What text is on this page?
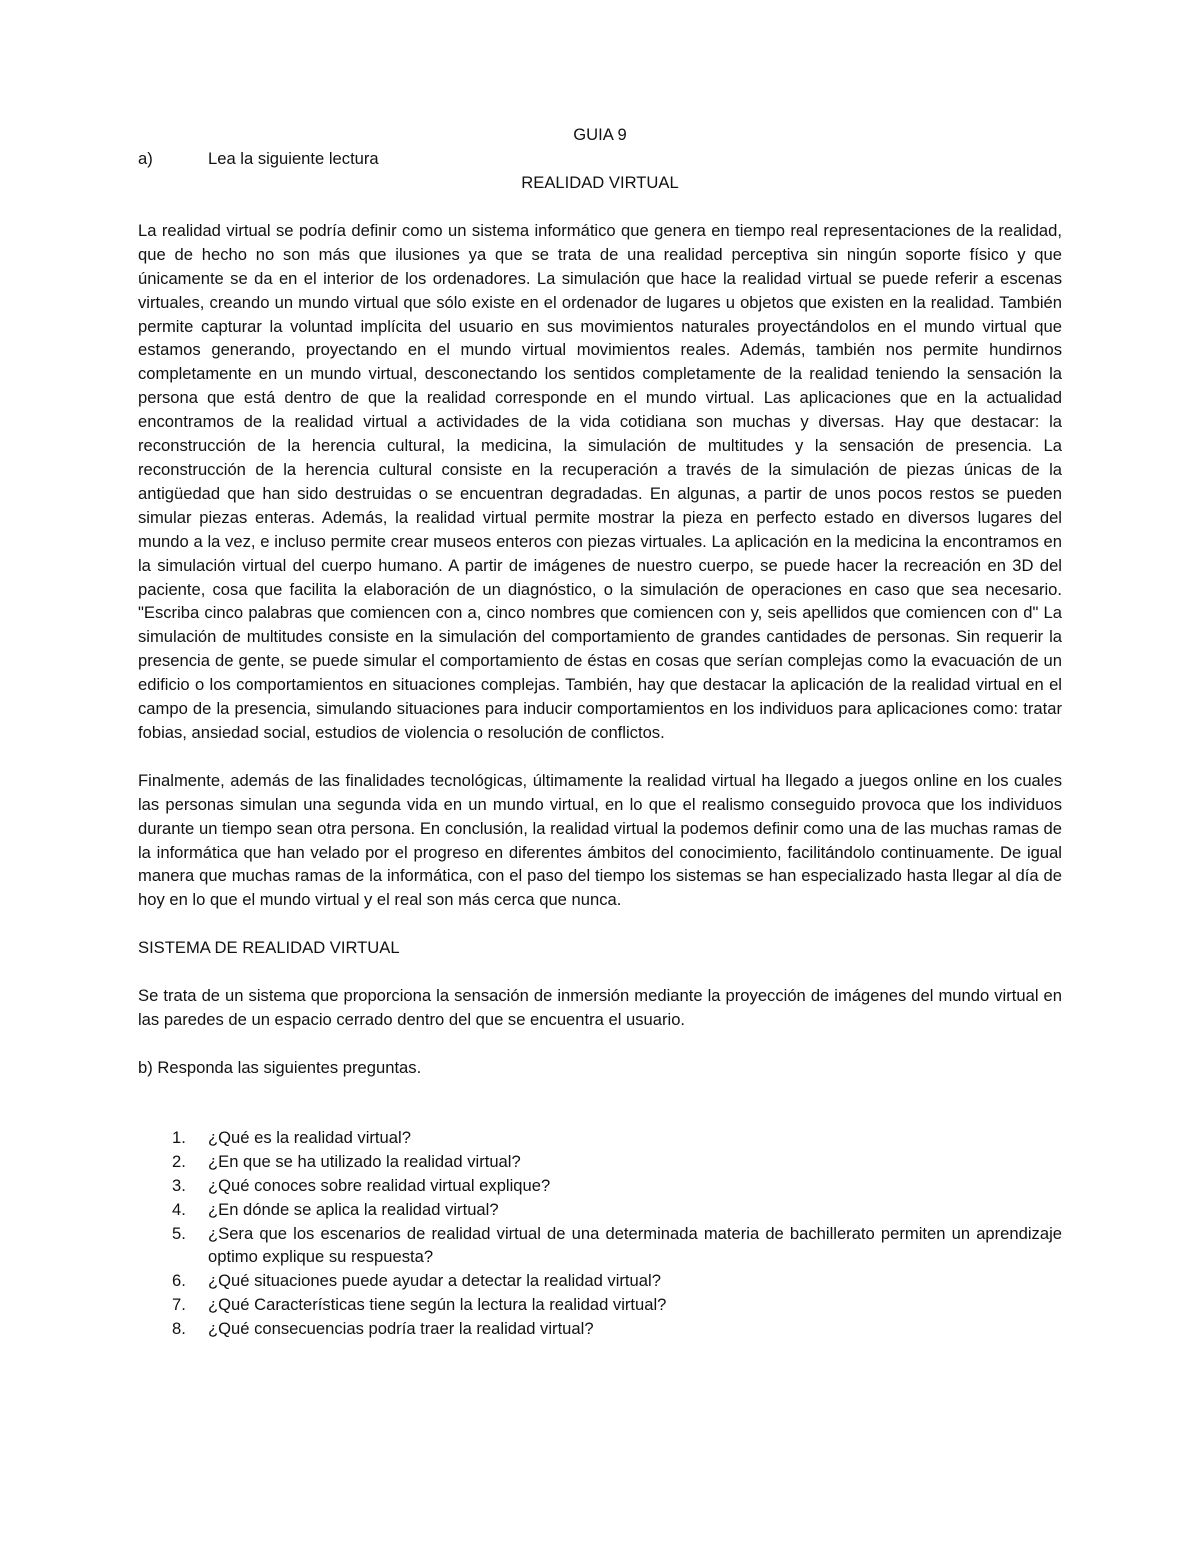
GUIA 9

a)	Lea la siguiente lectura

REALIDAD VIRTUAL

La realidad virtual se podría definir como un sistema informático que genera en tiempo real representaciones de la realidad, que de hecho no son más que ilusiones ya que se trata de una realidad perceptiva sin ningún soporte físico y que únicamente se da en el interior de los ordenadores. La simulación que hace la realidad virtual se puede referir a escenas virtuales, creando un mundo virtual que sólo existe en el ordenador de lugares u objetos que existen en la realidad. También permite capturar la voluntad implícita del usuario en sus movimientos naturales proyectándolos en el mundo virtual que estamos generando, proyectando en el mundo virtual movimientos reales. Además, también nos permite hundirnos completamente en un mundo virtual, desconectando los sentidos completamente de la realidad teniendo la sensación la persona que está dentro de que la realidad corresponde en el mundo virtual. Las aplicaciones que en la actualidad encontramos de la realidad virtual a actividades de la vida cotidiana son muchas y diversas. Hay que destacar: la reconstrucción de la herencia cultural, la medicina, la simulación de multitudes y la sensación de presencia. La reconstrucción de la herencia cultural consiste en la recuperación a través de la simulación de piezas únicas de la antigüedad que han sido destruidas o se encuentran degradadas. En algunas, a partir de unos pocos restos se pueden simular piezas enteras. Además, la realidad virtual permite mostrar la pieza en perfecto estado en diversos lugares del mundo a la vez, e incluso permite crear museos enteros con piezas virtuales. La aplicación en la medicina la encontramos en la simulación virtual del cuerpo humano. A partir de imágenes de nuestro cuerpo, se puede hacer la recreación en 3D del paciente, cosa que facilita la elaboración de un diagnóstico, o la simulación de operaciones en caso que sea necesario. "Escriba cinco palabras que comiencen con a, cinco nombres que comiencen con y, seis apellidos que comiencen con d" La simulación de multitudes consiste en la simulación del comportamiento de grandes cantidades de personas. Sin requerir la presencia de gente, se puede simular el comportamiento de éstas en cosas que serían complejas como la evacuación de un edificio o los comportamientos en situaciones complejas. También, hay que destacar la aplicación de la realidad virtual en el campo de la presencia, simulando situaciones para inducir comportamientos en los individuos para aplicaciones como: tratar fobias, ansiedad social, estudios de violencia o resolución de conflictos.

Finalmente, además de las finalidades tecnológicas, últimamente la realidad virtual ha llegado a juegos online en los cuales las personas simulan una segunda vida en un mundo virtual, en lo que el realismo conseguido provoca que los individuos durante un tiempo sean otra persona. En conclusión, la realidad virtual la podemos definir como una de las muchas ramas de la informática que han velado por el progreso en diferentes ámbitos del conocimiento, facilitándolo continuamente. De igual manera que muchas ramas de la informática, con el paso del tiempo los sistemas se han especializado hasta llegar al día de hoy en lo que el mundo virtual y el real son más cerca que nunca.

SISTEMA DE REALIDAD VIRTUAL

Se trata de un sistema que proporciona la sensación de inmersión mediante la proyección de imágenes del mundo virtual en las paredes de un espacio cerrado dentro del que se encuentra el usuario.

b) Responda las siguientes preguntas.

1.	¿Qué es la realidad virtual?
2.	¿En que se ha utilizado la realidad virtual?
3.	¿Qué conoces sobre realidad virtual explique?
4.	¿En dónde se aplica la realidad virtual?
5.	¿Sera que los escenarios de realidad virtual de una determinada materia de bachillerato permiten un aprendizaje optimo explique su respuesta?
6.	¿Qué situaciones puede ayudar a detectar la realidad virtual?
7.	¿Qué Características tiene según la lectura la realidad virtual?
8.	¿Qué consecuencias podría traer la realidad virtual?
